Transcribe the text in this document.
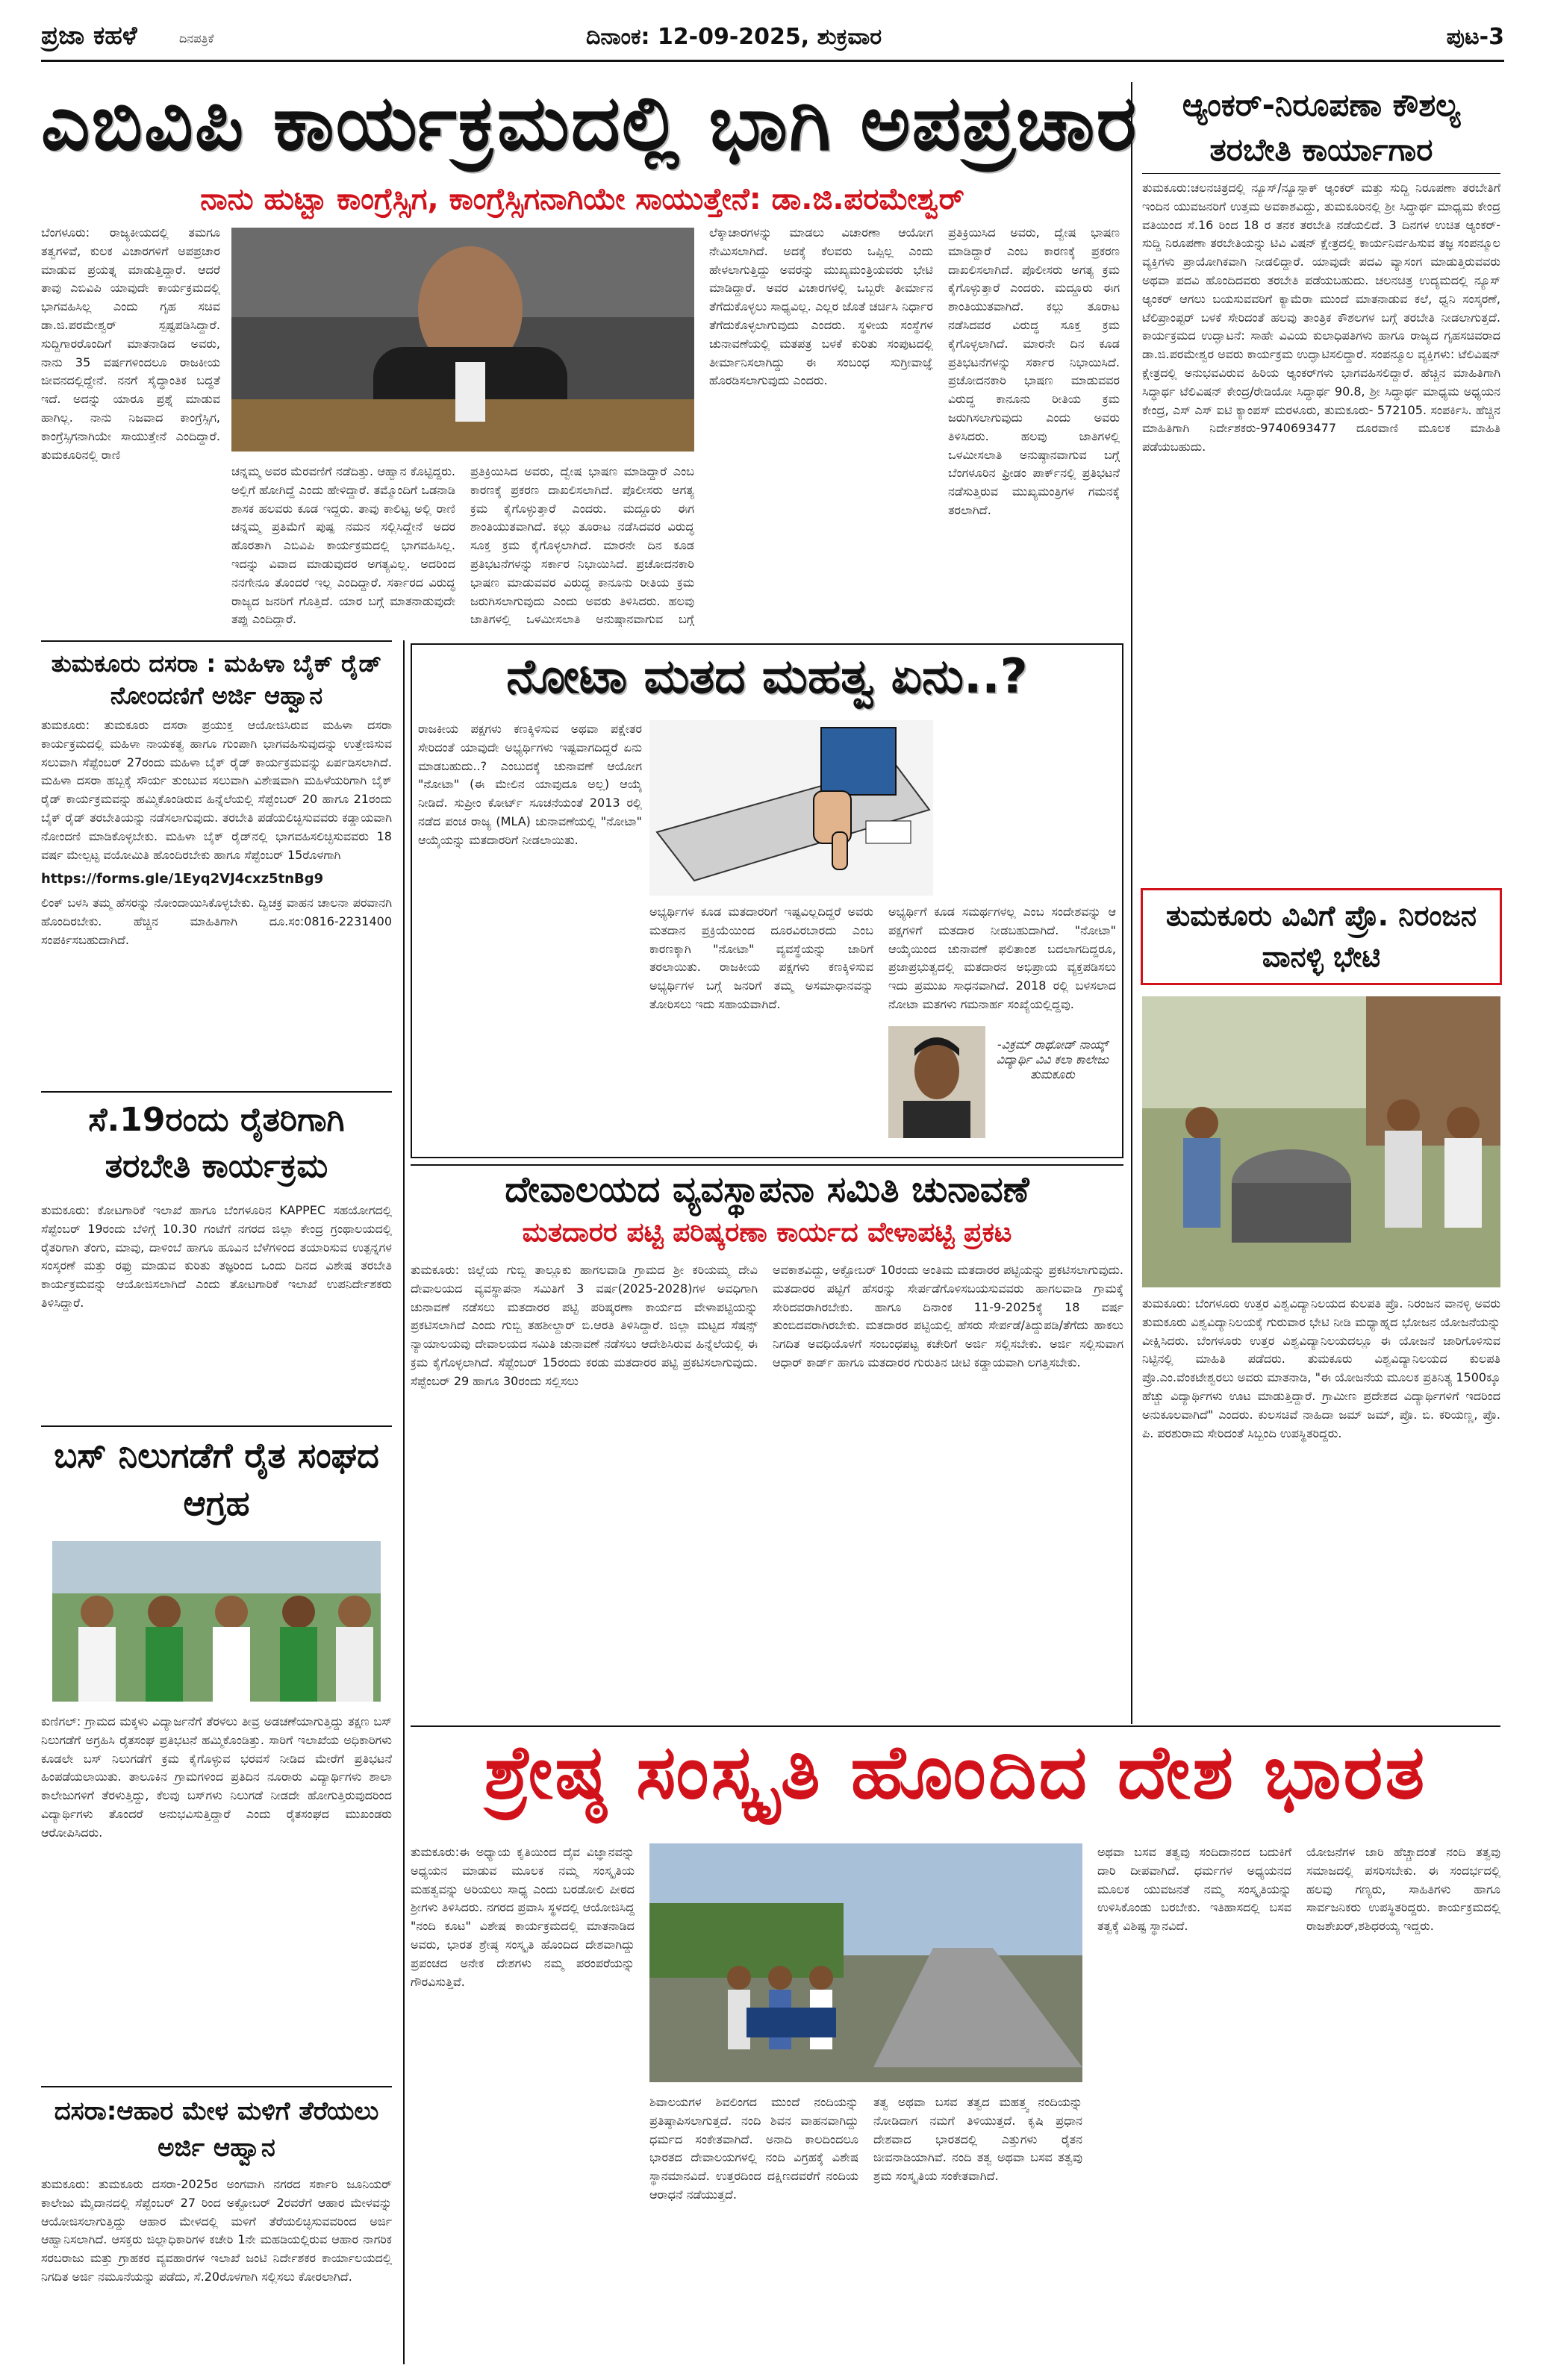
ಪ್ರಜಾ ಕಹಳೆ	ದಿನಪತ್ರಿಕೆ	ದಿನಾಂಕ: 12-09-2025, ಶುಕ್ರವಾರ	ಪುಟ-3
ಎಬಿವಿಪಿ ಕಾರ್ಯಕ್ರಮದಲ್ಲಿ ಭಾಗಿ ಅಪಪ್ರಚಾರ
ನಾನು ಹುಟ್ಟಾ ಕಾಂಗ್ರೆಸ್ಸಿಗ, ಕಾಂಗ್ರೆಸ್ಸಿಗನಾಗಿಯೇ ಸಾಯುತ್ತೇನೆ: ಡಾ.ಜಿ.ಪರಮೇಶ್ವರ್
ಬೆಂಗಳೂರು: ರಾಜ್ಯಕೀಯದಲ್ಲಿ ತಮಗೂ ತತ್ವಗಳಿವೆ, ಕುಲಕ ವಿಚಾರಗಳಿಗೆ ಅಪಪ್ರಚಾರ ಮಾಡುವ ಪ್ರಯತ್ನ ಮಾಡುತ್ತಿದ್ದಾರೆ. ಆದರೆ ತಾವು ಎಬಿವಿಪಿ ಯಾವುದೇ ಕಾರ್ಯಕ್ರಮದಲ್ಲಿ ಭಾಗವಹಿಸಿಲ್ಲ ಎಂದು ಗೃಹ ಸಚಿವ ಡಾ.ಜಿ.ಪರಮೇಶ್ವರ್ ಸ್ಪಷ್ಟಪಡಿಸಿದ್ದಾರೆ. ಸುದ್ದಿಗಾರರೊಂದಿಗೆ ಮಾತನಾಡಿದ ಅವರು, ನಾನು 35 ವರ್ಷಗಳಿಂದಲೂ ರಾಜಕೀಯ ಜೀವನದಲ್ಲಿದ್ದೇನೆ. ನನಗೆ ಸೈದ್ಧಾಂತಿಕ ಬದ್ಧತೆ ಇದೆ. ಅದನ್ನು ಯಾರೂ ಪ್ರಶ್ನೆ ಮಾಡುವ ಹಾಗಿಲ್ಲ. ನಾನು ನಿಜವಾದ ಕಾಂಗ್ರೆಸ್ಸಿಗ, ಕಾಂಗ್ರೆಸ್ಸಿಗನಾಗಿಯೇ ಸಾಯುತ್ತೇನೆ ಎಂದಿದ್ದಾರೆ. ತುಮಕೂರಿನಲ್ಲಿ ರಾಣಿ
ಚನ್ನಮ್ಮ ಅವರ ಮೆರವಣಿಗೆ ನಡೆದಿತ್ತು. ಆಹ್ವಾನ ಕೊಟ್ಟಿದ್ದರು. ಅಲ್ಲಿಗೆ ಹೋಗಿದ್ದೆ ಎಂದು ಹೇಳಿದ್ದಾರೆ. ತಮ್ಮೊಂದಿಗೆ ಒಡನಾಡಿ ಶಾಸಕ ಹಲವರು ಕೂಡ ಇದ್ದರು. ತಾವು ಕಾಲಿಟ್ಟ ಅಲ್ಲಿ ರಾಣಿ ಚನ್ನಮ್ಮ ಪ್ರತಿಮೆಗೆ ಪುಷ್ಪ ನಮನ ಸಲ್ಲಿಸಿದ್ದೇನೆ ಅದರ ಹೊರತಾಗಿ ಎಬಿವಿಪಿ ಕಾರ್ಯಕ್ರಮದಲ್ಲಿ ಭಾಗವಹಿಸಿಲ್ಲ. ಇದನ್ನು ವಿವಾದ ಮಾಡುವುದರ ಅಗತ್ಯವಿಲ್ಲ. ಅದರಿಂದ ನನಗೇನೂ ತೊಂದರೆ ಇಲ್ಲ ಎಂದಿದ್ದಾರೆ. ಸರ್ಕಾರದ ವಿರುದ್ಧ ರಾಜ್ಯದ ಜನರಿಗೆ ಗೊತ್ತಿದೆ. ಯಾರ ಬಗ್ಗೆ ಮಾತನಾಡುವುದೇ ತಪ್ಪು ಎಂದಿದ್ದಾರೆ.
ಪ್ರತಿಕ್ರಿಯಿಸಿದ ಅವರು, ದ್ವೇಷ ಭಾಷಣ ಮಾಡಿದ್ದಾರೆ ಎಂಬ ಕಾರಣಕ್ಕೆ ಪ್ರಕರಣ ದಾಖಲಿಸಲಾಗಿದೆ. ಪೊಲೀಸರು ಅಗತ್ಯ ಕ್ರಮ ಕೈಗೊಳ್ಳುತ್ತಾರೆ ಎಂದರು. ಮದ್ದೂರು ಈಗ ಶಾಂತಿಯುತವಾಗಿದೆ. ಕಲ್ಲು ತೂರಾಟ ನಡೆಸಿದವರ ವಿರುದ್ಧ ಸೂಕ್ತ ಕ್ರಮ ಕೈಗೊಳ್ಳಲಾಗಿದೆ. ಮಾರನೇ ದಿನ ಕೂಡ ಪ್ರತಿಭಟನೆಗಳನ್ನು ಸರ್ಕಾರ ನಿಭಾಯಿಸಿದೆ. ಪ್ರಚೋದನಕಾರಿ ಭಾಷಣ ಮಾಡುವವರ ವಿರುದ್ಧ ಕಾನೂನು ರೀತಿಯ ಕ್ರಮ ಜರುಗಿಸಲಾಗುವುದು ಎಂದು ಅವರು ತಿಳಿಸಿದರು. ಹಲವು ಜಾತಿಗಳಲ್ಲಿ ಒಳಮೀಸಲಾತಿ ಅನುಷ್ಠಾನವಾಗುವ ಬಗ್ಗೆ
ಲೆಕ್ಕಾಚಾರಗಳನ್ನು ಮಾಡಲು ವಿಚಾರಣಾ ಆಯೋಗ ನೇಮಿಸಲಾಗಿದೆ. ಅದಕ್ಕೆ ಕೆಲವರು ಒಪ್ಪಿಲ್ಲ ಎಂದು ಹೇಳಲಾಗುತ್ತಿದ್ದು ಅವರನ್ನು ಮುಖ್ಯಮಂತ್ರಿಯವರು ಭೇಟಿ ಮಾಡಿದ್ದಾರೆ. ಅವರ ವಿಚಾರಗಳಲ್ಲಿ ಒಬ್ಬರೇ ತೀರ್ಮಾನ ತೆಗೆದುಕೊಳ್ಳಲು ಸಾಧ್ಯವಿಲ್ಲ. ಎಲ್ಲರ ಜೊತೆ ಚರ್ಚಿಸಿ ನಿರ್ಧಾರ ತೆಗೆದುಕೊಳ್ಳಲಾಗುವುದು ಎಂದರು. ಸ್ಥಳೀಯ ಸಂಸ್ಥೆಗಳ ಚುನಾವಣೆಯಲ್ಲಿ ಮತಪತ್ರ ಬಳಕೆ ಕುರಿತು ಸಂಪುಟದಲ್ಲಿ ತೀರ್ಮಾನಿಸಲಾಗಿದ್ದು ಈ ಸಂಬಂಧ ಸುಗ್ರೀವಾಜ್ಞೆ ಹೊರಡಿಸಲಾಗುವುದು ಎಂದರು.
ಪ್ರತಿಕ್ರಿಯಿಸಿದ ಅವರು, ದ್ವೇಷ ಭಾಷಣ ಮಾಡಿದ್ದಾರೆ ಎಂಬ ಕಾರಣಕ್ಕೆ ಪ್ರಕರಣ ದಾಖಲಿಸಲಾಗಿದೆ. ಪೊಲೀಸರು ಅಗತ್ಯ ಕ್ರಮ ಕೈಗೊಳ್ಳುತ್ತಾರೆ ಎಂದರು. ಮದ್ದೂರು ಈಗ ಶಾಂತಿಯುತವಾಗಿದೆ. ಕಲ್ಲು ತೂರಾಟ ನಡೆಸಿದವರ ವಿರುದ್ಧ ಸೂಕ್ತ ಕ್ರಮ ಕೈಗೊಳ್ಳಲಾಗಿದೆ. ಮಾರನೇ ದಿನ ಕೂಡ ಪ್ರತಿಭಟನೆಗಳನ್ನು ಸರ್ಕಾರ ನಿಭಾಯಿಸಿದೆ. ಪ್ರಚೋದನಕಾರಿ ಭಾಷಣ ಮಾಡುವವರ ವಿರುದ್ಧ ಕಾನೂನು ರೀತಿಯ ಕ್ರಮ ಜರುಗಿಸಲಾಗುವುದು ಎಂದು ಅವರು ತಿಳಿಸಿದರು. ಹಲವು ಜಾತಿಗಳಲ್ಲಿ ಒಳಮೀಸಲಾತಿ ಅನುಷ್ಠಾನವಾಗುವ ಬಗ್ಗೆ ಬೆಂಗಳೂರಿನ ಫ್ರೀಡಂ ಪಾರ್ಕ್‌ನಲ್ಲಿ ಪ್ರತಿಭಟನೆ ನಡೆಸುತ್ತಿರುವ ಮುಖ್ಯಮಂತ್ರಿಗಳ ಗಮನಕ್ಕೆ ತರಲಾಗಿದೆ.
ಆ್ಯಂಕರ್-ನಿರೂಪಣಾ ಕೌಶಲ್ಯ
ತರಬೇತಿ ಕಾರ್ಯಾಗಾರ
ತುಮಕೂರು:ಚಲನಚಿತ್ರದಲ್ಲಿ ನ್ಯೂಸ್/ನ್ಯೂಸ್ಪಾಕ್ ಆ್ಯಂಕರ್ ಮತ್ತು ಸುದ್ದಿ ನಿರೂಪಣಾ ತರಬೇತಿಗೆ ಇಂದಿನ ಯುವಜನರಿಗೆ ಉತ್ತಮ ಅವಕಾಶವಿದ್ದು, ತುಮಕೂರಿನಲ್ಲಿ ಶ್ರೀ ಸಿದ್ಧಾರ್ಥ ಮಾಧ್ಯಮ ಕೇಂದ್ರ ವತಿಯಿಂದ ಸೆ.16 ರಿಂದ 18 ರ ತನಕ ತರಬೇತಿ ನಡೆಯಲಿದೆ. 3 ದಿನಗಳ ಉಚಿತ ಆ್ಯಂಕರ್-ಸುದ್ದಿ ನಿರೂಪಣಾ ತರಬೇತಿಯನ್ನು ಟಿವಿ ವಿಷನ್ ಕ್ಷೇತ್ರದಲ್ಲಿ ಕಾರ್ಯನಿರ್ವಹಿಸುವ ತಜ್ಞ ಸಂಪನ್ಮೂಲ ವ್ಯಕ್ತಿಗಳು ಪ್ರಾಯೋಗಿಕವಾಗಿ ನೀಡಲಿದ್ದಾರೆ. ಯಾವುದೇ ಪದವಿ ವ್ಯಾಸಂಗ ಮಾಡುತ್ತಿರುವವರು ಅಥವಾ ಪದವಿ ಹೊಂದಿದವರು ತರಬೇತಿ ಪಡೆಯಬಹುದು. ಚಲನಚಿತ್ರ ಉದ್ಯಮದಲ್ಲಿ ನ್ಯೂಸ್ ಆ್ಯಂಕರ್ ಆಗಲು ಬಯಸುವವರಿಗೆ ಕ್ಯಾಮೆರಾ ಮುಂದೆ ಮಾತನಾಡುವ ಕಲೆ, ಧ್ವನಿ ಸಂಸ್ಕರಣೆ, ಟೆಲಿಪ್ರಾಂಪ್ಟರ್ ಬಳಕೆ ಸೇರಿದಂತೆ ಹಲವು ತಾಂತ್ರಿಕ ಕೌಶಲಗಳ ಬಗ್ಗೆ ತರಬೇತಿ ನೀಡಲಾಗುತ್ತದೆ. ಕಾರ್ಯಕ್ರಮದ ಉದ್ಘಾಟನೆ: ಸಾಹೇ ವಿವಿಯ ಕುಲಾಧಿಪತಿಗಳು ಹಾಗೂ ರಾಜ್ಯದ ಗೃಹಸಚಿವರಾದ ಡಾ.ಜಿ.ಪರಮೇಶ್ವರ ಅವರು ಕಾರ್ಯಕ್ರಮ ಉದ್ಘಾಟಿಸಲಿದ್ದಾರೆ. ಸಂಪನ್ಮೂಲ ವ್ಯಕ್ತಿಗಳು: ಟೆಲಿವಿಷನ್ ಕ್ಷೇತ್ರದಲ್ಲಿ ಅನುಭವವಿರುವ ಹಿರಿಯ ಆ್ಯಂಕರ್‌ಗಳು ಭಾಗವಹಿಸಲಿದ್ದಾರೆ. ಹೆಚ್ಚಿನ ಮಾಹಿತಿಗಾಗಿ ಸಿದ್ಧಾರ್ಥ ಟೆಲಿವಿಷನ್ ಕೇಂದ್ರ/ರೇಡಿಯೋ ಸಿದ್ಧಾರ್ಥ 90.8, ಶ್ರೀ ಸಿದ್ಧಾರ್ಥ ಮಾಧ್ಯಮ ಅಧ್ಯಯನ ಕೇಂದ್ರ, ಎಸ್ ಎಸ್ ಐಟಿ ಕ್ಯಾಂಪಸ್ ಮರಳೂರು, ತುಮಕೂರು- 572105. ಸಂಪರ್ಕಿಸಿ. ಹೆಚ್ಚಿನ ಮಾಹಿತಿಗಾಗಿ ನಿರ್ದೇಶಕರು-9740693477 ದೂರವಾಣಿ ಮೂಲಕ ಮಾಹಿತಿ ಪಡೆಯಬಹುದು.
ತುಮಕೂರು ದಸರಾ : ಮಹಿಳಾ ಬೈಕ್ ರೈಡ್ ನೋಂದಣಿಗೆ ಅರ್ಜಿ ಆಹ್ವಾನ
ತುಮಕೂರು: ತುಮಕೂರು ದಸರಾ ಪ್ರಯುಕ್ತ ಆಯೋಜಿಸಿರುವ ಮಹಿಳಾ ದಸರಾ ಕಾರ್ಯಕ್ರಮದಲ್ಲಿ ಮಹಿಳಾ ನಾಯಕತ್ವ ಹಾಗೂ ಗುಂಪಾಗಿ ಭಾಗವಹಿಸುವುದನ್ನು ಉತ್ತೇಜಿಸುವ ಸಲುವಾಗಿ ಸೆಪ್ಟೆಂಬರ್ 27ರಂದು ಮಹಿಳಾ ಬೈಕ್ ರೈಡ್ ಕಾರ್ಯಕ್ರಮವನ್ನು ಏರ್ಪಡಿಸಲಾಗಿದೆ. ಮಹಿಳಾ ದಸರಾ ಹಬ್ಬಕ್ಕೆ ಸೌರ್ಯ ತುಂಬುವ ಸಲುವಾಗಿ ವಿಶೇಷವಾಗಿ ಮಹಿಳೆಯರಿಗಾಗಿ ಬೈಕ್ ರೈಡ್ ಕಾರ್ಯಕ್ರಮವನ್ನು ಹಮ್ಮಿಕೊಂಡಿರುವ ಹಿನ್ನೆಲೆಯಲ್ಲಿ ಸೆಪ್ಟೆಂಬರ್ 20 ಹಾಗೂ 21ರಂದು ಬೈಕ್ ರೈಡ್ ತರಬೇತಿಯನ್ನು ನಡೆಸಲಾಗುವುದು. ತರಬೇತಿ ಪಡೆಯಲಿಚ್ಛಿಸುವವರು ಕಡ್ಡಾಯವಾಗಿ ನೋಂದಣಿ ಮಾಡಿಕೊಳ್ಳಬೇಕು. ಮಹಿಳಾ ಬೈಕ್ ರೈಡ್‌ನಲ್ಲಿ ಭಾಗವಹಿಸಲಿಚ್ಛಿಸುವವರು 18 ವರ್ಷ ಮೇಲ್ಪಟ್ಟ ವಯೋಮಿತಿ ಹೊಂದಿರಬೇಕು ಹಾಗೂ ಸೆಪ್ಟೆಂಬರ್ 15ರೊಳಗಾಗಿ
https://forms.gle/1Eyq2VJ4cxz5tnBg9
ಲಿಂಕ್ ಬಳಸಿ ತಮ್ಮ ಹೆಸರನ್ನು ನೋಂದಾಯಿಸಿಕೊಳ್ಳಬೇಕು. ದ್ವಿಚಕ್ರ ವಾಹನ ಚಾಲನಾ ಪರವಾನಗಿ ಹೊಂದಿರಬೇಕು. ಹೆಚ್ಚಿನ ಮಾಹಿತಿಗಾಗಿ ದೂ.ಸಂ:0816-2231400 ಸಂಪರ್ಕಿಸಬಹುದಾಗಿದೆ.
ಸೆ.19ರಂದು ರೈತರಿಗಾಗಿ ತರಬೇತಿ ಕಾರ್ಯಕ್ರಮ
ತುಮಕೂರು: ಕೋಟಗಾರಿಕೆ ಇಲಾಖೆ ಹಾಗೂ ಬೆಂಗಳೂರಿನ KAPPEC ಸಹಯೋಗದಲ್ಲಿ ಸೆಪ್ಟೆಂಬರ್ 19ರಂದು ಬೆಳಿಗ್ಗೆ 10.30 ಗಂಟೆಗೆ ನಗರದ ಜಿಲ್ಲಾ ಕೇಂದ್ರ ಗ್ರಂಥಾಲಯದಲ್ಲಿ ರೈತರಿಗಾಗಿ ತೆಂಗು, ಮಾವು, ದಾಳಿಂಬೆ ಹಾಗೂ ಹೂವಿನ ಬೆಳೆಗಳಿಂದ ತಯಾರಿಸುವ ಉತ್ಪನ್ನಗಳ ಸಂಸ್ಕರಣೆ ಮತ್ತು ರಫ್ತು ಮಾಡುವ ಕುರಿತು ತಜ್ಞರಿಂದ ಒಂದು ದಿನದ ವಿಶೇಷ ತರಬೇತಿ ಕಾರ್ಯಕ್ರಮವನ್ನು ಆಯೋಜಿಸಲಾಗಿದೆ ಎಂದು ತೋಟಗಾರಿಕೆ ಇಲಾಖೆ ಉಪನಿರ್ದೇಶಕರು ತಿಳಿಸಿದ್ದಾರೆ.
ಬಸ್ ನಿಲುಗಡೆಗೆ ರೈತ ಸಂಘದ ಆಗ್ರಹ
ಕುಣಿಗಲ್: ಗ್ರಾಮದ ಮಕ್ಕಳು ವಿದ್ಯಾರ್ಜನೆಗೆ ತೆರಳಲು ತೀವ್ರ ಅಡಚಣೆಯಾಗುತ್ತಿದ್ದು ತಕ್ಷಣ ಬಸ್ ನಿಲುಗಡೆಗೆ ಅಗ್ರಹಿಸಿ ರೈತಸಂಘ ಪ್ರತಿಭಟನೆ ಹಮ್ಮಿಕೊಂಡಿತ್ತು. ಸಾರಿಗೆ ಇಲಾಖೆಯ ಅಧಿಕಾರಿಗಳು ಕೂಡಲೇ ಬಸ್ ನಿಲುಗಡೆಗೆ ಕ್ರಮ ಕೈಗೊಳ್ಳುವ ಭರವಸೆ ನೀಡಿದ ಮೇರೆಗೆ ಪ್ರತಿಭಟನೆ ಹಿಂಪಡೆಯಲಾಯಿತು. ತಾಲೂಕಿನ ಗ್ರಾಮಗಳಿಂದ ಪ್ರತಿದಿನ ನೂರಾರು ವಿದ್ಯಾರ್ಥಿಗಳು ಶಾಲಾ ಕಾಲೇಜುಗಳಿಗೆ ತೆರಳುತ್ತಿದ್ದು, ಕೆಲವು ಬಸ್‌ಗಳು ನಿಲುಗಡೆ ನೀಡದೇ ಹೋಗುತ್ತಿರುವುದರಿಂದ ವಿದ್ಯಾರ್ಥಿಗಳು ತೊಂದರೆ ಅನುಭವಿಸುತ್ತಿದ್ದಾರೆ ಎಂದು ರೈತಸಂಘದ ಮುಖಂಡರು ಆರೋಪಿಸಿದರು.
ದಸರಾ:ಆಹಾರ ಮೇಳ ಮಳಿಗೆ ತೆರೆಯಲು ಅರ್ಜಿ ಆಹ್ವಾನ
ತುಮಕೂರು: ತುಮಕೂರು ದಸರಾ-2025ರ ಅಂಗವಾಗಿ ನಗರದ ಸರ್ಕಾರಿ ಜೂನಿಯರ್ ಕಾಲೇಜು ಮೈದಾನದಲ್ಲಿ ಸೆಪ್ಟೆಂಬರ್ 27 ರಿಂದ ಅಕ್ಟೋಬರ್ 2ರವರೆಗೆ ಆಹಾರ ಮೇಳವನ್ನು ಆಯೋಜಿಸಲಾಗುತ್ತಿದ್ದು ಆಹಾರ ಮೇಳದಲ್ಲಿ ಮಳಿಗೆ ತೆರೆಯಲಿಚ್ಛಿಸುವವರಿಂದ ಅರ್ಜಿ ಆಹ್ವಾನಿಸಲಾಗಿದೆ. ಆಸಕ್ತರು ಜಿಲ್ಲಾಧಿಕಾರಿಗಳ ಕಚೇರಿ 1ನೇ ಮಹಡಿಯಲ್ಲಿರುವ ಆಹಾರ ನಾಗರಿಕ ಸರಬರಾಜು ಮತ್ತು ಗ್ರಾಹಕರ ವ್ಯವಹಾರಗಳ ಇಲಾಖೆ ಜಂಟಿ ನಿರ್ದೇಶಕರ ಕಾರ್ಯಾಲಯದಲ್ಲಿ ನಿಗದಿತ ಅರ್ಜಿ ನಮೂನೆಯನ್ನು ಪಡೆದು, ಸೆ.20ರೊಳಗಾಗಿ ಸಲ್ಲಿಸಲು ಕೋರಲಾಗಿದೆ.
ನೋಟಾ ಮತದ ಮಹತ್ವ ಏನು..?
ರಾಜಕೀಯ ಪಕ್ಷಗಳು ಕಣಕ್ಕಿಳಿಸುವ ಅಥವಾ ಪಕ್ಷೇತರ ಸೇರಿದಂತೆ ಯಾವುದೇ ಅಭ್ಯರ್ಥಿಗಳು ಇಷ್ಟವಾಗದಿದ್ದರೆ ಏನು ಮಾಡಬಹುದು..? ಎಂಬುದಕ್ಕೆ ಚುನಾವಣೆ ಆಯೋಗ "ನೋಟಾ" (ಈ ಮೇಲಿನ ಯಾವುದೂ ಅಲ್ಲ) ಆಯ್ಕೆ ನೀಡಿದೆ. ಸುಪ್ರೀಂ ಕೋರ್ಟ್ ಸೂಚನೆಯಂತೆ 2013 ರಲ್ಲಿ ನಡೆದ ಪಂಚ ರಾಜ್ಯ (MLA) ಚುನಾವಣೆಯಲ್ಲಿ "ನೋಟಾ" ಆಯ್ಕೆಯನ್ನು ಮತದಾರರಿಗೆ ನೀಡಲಾಯಿತು.
ಅಭ್ಯರ್ಥಿಗಳ ಕೂಡ ಮತದಾರರಿಗೆ ಇಷ್ಟವಿಲ್ಲದಿದ್ದರೆ ಅವರು ಮತದಾನ ಪ್ರಕ್ರಿಯೆಯಿಂದ ದೂರವಿರಬಾರದು ಎಂಬ ಕಾರಣಕ್ಕಾಗಿ "ನೋಟಾ" ವ್ಯವಸ್ಥೆಯನ್ನು ಜಾರಿಗೆ ತರಲಾಯಿತು. ರಾಜಕೀಯ ಪಕ್ಷಗಳು ಕಣಕ್ಕಿಳಿಸುವ ಅಭ್ಯರ್ಥಿಗಳ ಬಗ್ಗೆ ಜನರಿಗೆ ತಮ್ಮ ಅಸಮಾಧಾನವನ್ನು ತೋರಿಸಲು ಇದು ಸಹಾಯವಾಗಿದೆ.
ಅಭ್ಯರ್ಥಿಗೆ ಕೂಡ ಸಮರ್ಥಗಳಲ್ಲ ಎಂಬ ಸಂದೇಶವನ್ನು ಆ ಪಕ್ಷಗಳಿಗೆ ಮತದಾರ ನೀಡಬಹುದಾಗಿದೆ. "ನೋಟಾ" ಆಯ್ಕೆಯಿಂದ ಚುನಾವಣೆ ಫಲಿತಾಂಶ ಬದಲಾಗದಿದ್ದರೂ, ಪ್ರಜಾಪ್ರಭುತ್ವದಲ್ಲಿ ಮತದಾರನ ಅಭಿಪ್ರಾಯ ವ್ಯಕ್ತಪಡಿಸಲು ಇದು ಪ್ರಮುಖ ಸಾಧನವಾಗಿದೆ. 2018 ರಲ್ಲಿ ಬಳಸಲಾದ ನೋಟಾ ಮತಗಳು ಗಮನಾರ್ಹ ಸಂಖ್ಯೆಯಲ್ಲಿದ್ದವು.
-ವಿಕ್ರಮ್ ರಾಥೋಡ್ ನಾಯ್ಕ್ ವಿದ್ಯಾರ್ಥಿ ವಿವಿ ಕಲಾ ಕಾಲೇಜು ತುಮಕೂರು
ದೇವಾಲಯದ ವ್ಯವಸ್ಥಾಪನಾ ಸಮಿತಿ ಚುನಾವಣೆ
ಮತದಾರರ ಪಟ್ಟಿ ಪರಿಷ್ಕರಣಾ ಕಾರ್ಯದ ವೇಳಾಪಟ್ಟಿ ಪ್ರಕಟ
ತುಮಕೂರು: ಜಿಲ್ಲೆಯ ಗುಬ್ಬಿ ತಾಲ್ಲೂಕು ಹಾಗಲವಾಡಿ ಗ್ರಾಮದ ಶ್ರೀ ಕರಿಯಮ್ಮ ದೇವಿ ದೇವಾಲಯದ ವ್ಯವಸ್ಥಾಪನಾ ಸಮಿತಿಗೆ 3 ವರ್ಷ(2025-2028)ಗಳ ಅವಧಿಗಾಗಿ ಚುನಾವಣೆ ನಡೆಸಲು ಮತದಾರರ ಪಟ್ಟಿ ಪರಿಷ್ಕರಣಾ ಕಾರ್ಯದ ವೇಳಾಪಟ್ಟಿಯನ್ನು ಪ್ರಕಟಿಸಲಾಗಿದೆ ಎಂದು ಗುಬ್ಬಿ ತಹಶೀಲ್ದಾರ್ ಬಿ.ಆರತಿ ತಿಳಿಸಿದ್ದಾರೆ. ಜಿಲ್ಲಾ ಮಟ್ಟದ ಸೆಷನ್ಸ್ ನ್ಯಾಯಾಲಯವು ದೇವಾಲಯದ ಸಮಿತಿ ಚುನಾವಣೆ ನಡೆಸಲು ಆದೇಶಿಸಿರುವ ಹಿನ್ನೆಲೆಯಲ್ಲಿ ಈ ಕ್ರಮ ಕೈಗೊಳ್ಳಲಾಗಿದೆ. ಸೆಪ್ಟೆಂಬರ್ 15ರಂದು ಕರಡು ಮತದಾರರ ಪಟ್ಟಿ ಪ್ರಕಟಿಸಲಾಗುವುದು. ಸೆಪ್ಟೆಂಬರ್ 29 ಹಾಗೂ 30ರಂದು ಸಲ್ಲಿಸಲು
ಅವಕಾಶವಿದ್ದು, ಅಕ್ಟೋಬರ್ 10ರಂದು ಅಂತಿಮ ಮತದಾರರ ಪಟ್ಟಿಯನ್ನು ಪ್ರಕಟಿಸಲಾಗುವುದು. ಮತದಾರರ ಪಟ್ಟಿಗೆ ಹೆಸರನ್ನು ಸೇರ್ಪಡೆಗೊಳಿಸಬಯಸುವವರು ಹಾಗಲವಾಡಿ ಗ್ರಾಮಕ್ಕೆ ಸೇರಿದವರಾಗಿರಬೇಕು. ಹಾಗೂ ದಿನಾಂಕ 11-9-2025ಕ್ಕೆ 18 ವರ್ಷ ತುಂಬಿದವರಾಗಿರಬೇಕು. ಮತದಾರರ ಪಟ್ಟಿಯಲ್ಲಿ ಹೆಸರು ಸೇರ್ಪಡೆ/ತಿದ್ದುಪಡಿ/ತೆಗೆದು ಹಾಕಲು ನಿಗದಿತ ಅವಧಿಯೊಳಗೆ ಸಂಬಂಧಪಟ್ಟ ಕಚೇರಿಗೆ ಅರ್ಜಿ ಸಲ್ಲಿಸಬೇಕು. ಅರ್ಜಿ ಸಲ್ಲಿಸುವಾಗ ಆಧಾರ್ ಕಾರ್ಡ್ ಹಾಗೂ ಮತದಾರರ ಗುರುತಿನ ಚೀಟಿ ಕಡ್ಡಾಯವಾಗಿ ಲಗತ್ತಿಸಬೇಕು.
ತುಮಕೂರು ವಿವಿಗೆ ಪ್ರೊ. ನಿರಂಜನ ವಾನಳ್ಳಿ ಭೇಟಿ
ತುಮಕೂರು: ಬೆಂಗಳೂರು ಉತ್ತರ ವಿಶ್ವವಿದ್ಯಾನಿಲಯದ ಕುಲಪತಿ ಪ್ರೊ. ನಿರಂಜನ ವಾನಳ್ಳಿ ಅವರು ತುಮಕೂರು ವಿಶ್ವವಿದ್ಯಾನಿಲಯಕ್ಕೆ ಗುರುವಾರ ಭೇಟಿ ನೀಡಿ ಮಧ್ಯಾಹ್ನದ ಭೋಜನ ಯೋಜನೆಯನ್ನು ವೀಕ್ಷಿಸಿದರು. ಬೆಂಗಳೂರು ಉತ್ತರ ವಿಶ್ವವಿದ್ಯಾನಿಲಯದಲ್ಲೂ ಈ ಯೋಜನೆ ಜಾರಿಗೊಳಿಸುವ ನಿಟ್ಟಿನಲ್ಲಿ ಮಾಹಿತಿ ಪಡೆದರು. ತುಮಕೂರು ವಿಶ್ವವಿದ್ಯಾನಿಲಯದ ಕುಲಪತಿ ಪ್ರೊ.ಎಂ.ವೆಂಕಟೇಶ್ವರಲು ಅವರು ಮಾತನಾಡಿ, "ಈ ಯೋಜನೆಯ ಮೂಲಕ ಪ್ರತಿನಿತ್ಯ 1500ಕ್ಕೂ ಹೆಚ್ಚು ವಿದ್ಯಾರ್ಥಿಗಳು ಊಟ ಮಾಡುತ್ತಿದ್ದಾರೆ. ಗ್ರಾಮೀಣ ಪ್ರದೇಶದ ವಿದ್ಯಾರ್ಥಿಗಳಿಗೆ ಇದರಿಂದ ಅನುಕೂಲವಾಗಿದೆ" ಎಂದರು. ಕುಲಸಚಿವೆ ನಾಹಿದಾ ಜಮ್ ಜಮ್, ಪ್ರೊ. ಬಿ. ಕರಿಯಣ್ಣ, ಪ್ರೊ. ಪಿ. ಪರಶುರಾಮ ಸೇರಿದಂತೆ ಸಿಬ್ಬಂದಿ ಉಪಸ್ಥಿತರಿದ್ದರು.
ಶ್ರೇಷ್ಠ ಸಂಸ್ಕೃತಿ ಹೊಂದಿದ ದೇಶ ಭಾರತ
ತುಮಕೂರು:ಈ ಅಧ್ಯಾಯ ಕೃತಿಯಿಂದ ದೈವ ವಿಜ್ಞಾನವನ್ನು ಅಧ್ಯಯನ ಮಾಡುವ ಮೂಲಕ ನಮ್ಮ ಸಂಸ್ಕೃತಿಯ ಮಹತ್ವವನ್ನು ಅರಿಯಲು ಸಾಧ್ಯ ಎಂದು ಬರಡೋಲಿ ಪೀಠದ ಶ್ರೀಗಳು ತಿಳಿಸಿದರು. ನಗರದ ಪ್ರವಾಸಿ ಸ್ಥಳದಲ್ಲಿ ಆಯೋಜಿಸಿದ್ದ "ನಂದಿ ಕೂಟ" ವಿಶೇಷ ಕಾರ್ಯಕ್ರಮದಲ್ಲಿ ಮಾತನಾಡಿದ ಅವರು, ಭಾರತ ಶ್ರೇಷ್ಠ ಸಂಸ್ಕೃತಿ ಹೊಂದಿದ ದೇಶವಾಗಿದ್ದು ಪ್ರಪಂಚದ ಅನೇಕ ದೇಶಗಳು ನಮ್ಮ ಪರಂಪರೆಯನ್ನು ಗೌರವಿಸುತ್ತಿವೆ.
ಶಿವಾಲಯಗಳ ಶಿವಲಿಂಗದ ಮುಂದೆ ನಂದಿಯನ್ನು ಪ್ರತಿಷ್ಠಾಪಿಸಲಾಗುತ್ತದೆ. ನಂದಿ ಶಿವನ ವಾಹನವಾಗಿದ್ದು ಧರ್ಮದ ಸಂಕೇತವಾಗಿದೆ. ಅನಾದಿ ಕಾಲದಿಂದಲೂ ಭಾರತದ ದೇವಾಲಯಗಳಲ್ಲಿ ನಂದಿ ವಿಗ್ರಹಕ್ಕೆ ವಿಶೇಷ ಸ್ಥಾನಮಾನವಿದೆ. ಉತ್ತರದಿಂದ ದಕ್ಷಿಣದವರೆಗೆ ನಂದಿಯ ಆರಾಧನೆ ನಡೆಯುತ್ತದೆ.
ತತ್ವ ಅಥವಾ ಬಸವ ತತ್ವದ ಮಹತ್ತ್ವ ನಂದಿಯನ್ನು ನೋಡಿದಾಗ ನಮಗೆ ತಿಳಿಯುತ್ತದೆ. ಕೃಷಿ ಪ್ರಧಾನ ದೇಶವಾದ ಭಾರತದಲ್ಲಿ ಎತ್ತುಗಳು ರೈತನ ಜೀವನಾಡಿಯಾಗಿವೆ. ನಂದಿ ತತ್ವ ಅಥವಾ ಬಸವ ತತ್ವವು ಶ್ರಮ ಸಂಸ್ಕೃತಿಯ ಸಂಕೇತವಾಗಿದೆ.
ಅಥವಾ ಬಸವ ತತ್ವವು ಸಂದಿದಾನಂದ ಬದುಕಿಗೆ ದಾರಿ ದೀಪವಾಗಿದೆ. ಧರ್ಮಗಳ ಅಧ್ಯಯನದ ಮೂಲಕ ಯುವಜನತೆ ನಮ್ಮ ಸಂಸ್ಕೃತಿಯನ್ನು ಉಳಿಸಿಕೊಂಡು ಬರಬೇಕು. ಇತಿಹಾಸದಲ್ಲಿ ಬಸವ ತತ್ವಕ್ಕೆ ವಿಶಿಷ್ಟ ಸ್ಥಾನವಿದೆ.
ಯೋಜನೆಗಳ ಜಾರಿ ಹೆಚ್ಚಾದಂತೆ ನಂದಿ ತತ್ವವು ಸಮಾಜದಲ್ಲಿ ಪಸರಿಸಬೇಕು. ಈ ಸಂದರ್ಭದಲ್ಲಿ ಹಲವು ಗಣ್ಯರು, ಸಾಹಿತಿಗಳು ಹಾಗೂ ಸಾರ್ವಜನಿಕರು ಉಪಸ್ಥಿತರಿದ್ದರು. ಕಾರ್ಯಕ್ರಮದಲ್ಲಿ ರಾಜಶೇಖರ್,ಶಶಿಧರಯ್ಯ ಇದ್ದರು.
